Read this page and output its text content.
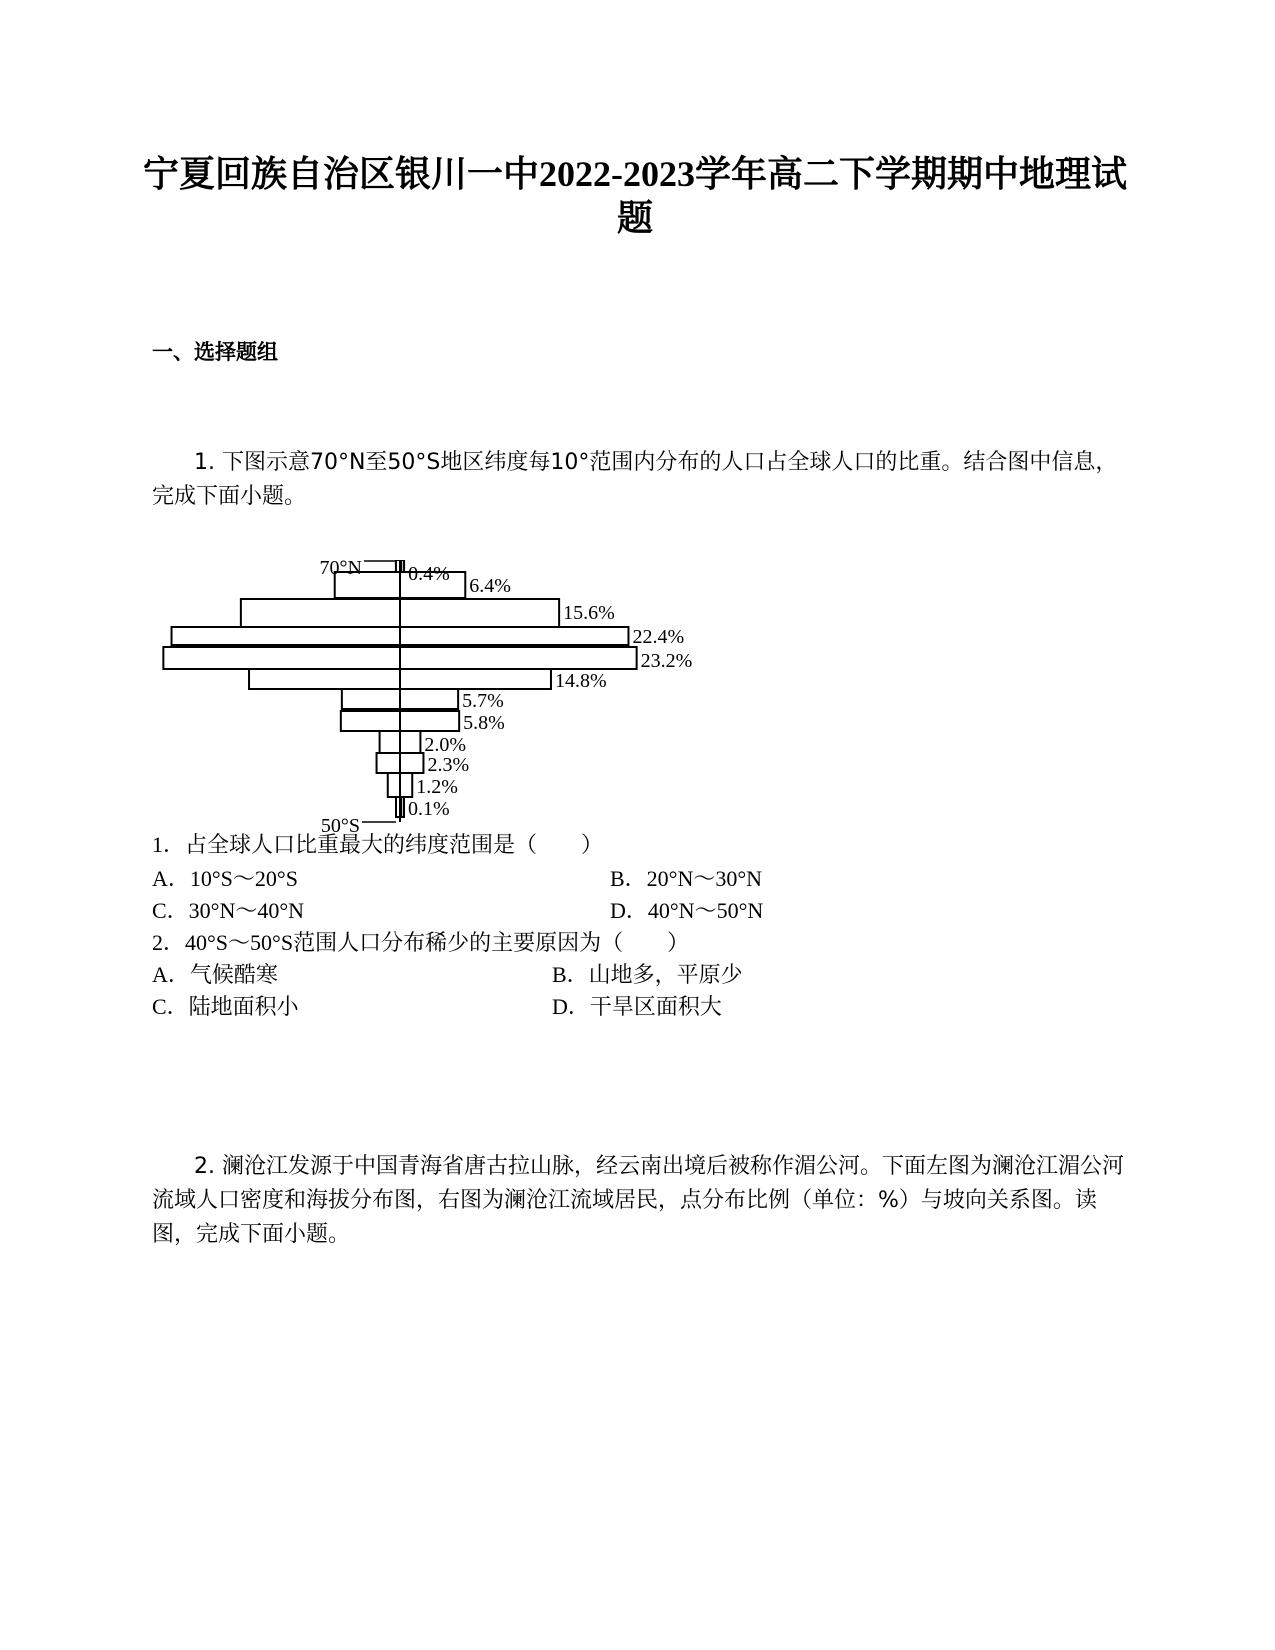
宁夏回族自治区银川一中2022-2023学年高二下学期期中地理试题
一、选择题组

1. 下图示意70°N至50°S地区纬度每10°范围内分布的人口占全球人口的比重。结合图中信息，完成下面小题。

0.4%
6.4%
15.6%
22.4%
23.2%
14.8%
5.7%
5.8%
2.0%
2.3%
1.2%
0.1%
70°N
50°S

1．占全球人口比重最大的纬度范围是（　　）

A．10°S～20°S	B．20°N～30°N
C．30°N～40°N	D．40°N～50°N

2．40°S～50°S范围人口分布稀少的主要原因为（　　）

A．气候酷寒	B．山地多，平原少
C．陆地面积小	D．干旱区面积大

2. 澜沧江发源于中国青海省唐古拉山脉，经云南出境后被称作湄公河。下面左图为澜沧江湄公河流域人口密度和海拔分布图，右图为澜沧江流域居民，点分布比例（单位：%）与坡向关系图。读图，完成下面小题。
